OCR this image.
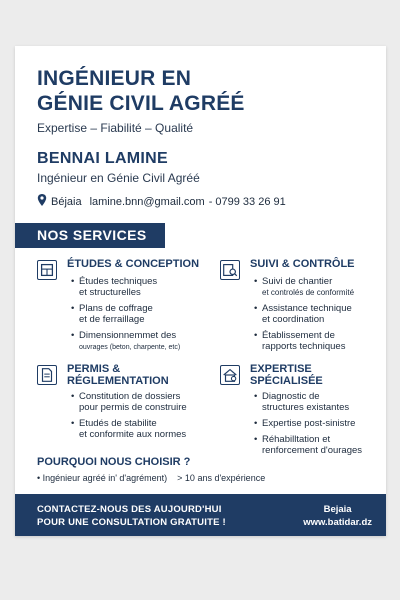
INGÉNIEUR EN
GÉNIE CIVIL AGRÉÉ
Expertise – Fiabilité – Qualité
BENNAI LAMINE
Ingénieur en Génie Civil Agréé
Béjaia lamine.bnn@gmail.com - 0799 33 26 91
NOS SERVICES
ÉTUDES & CONCEPTION
• Études techniques
et structurelles
• Plans de coffrage
et de ferraillage
• Dimensionnemmet des
ouvrages (beton, charpente, etc)
SUIVI & CONTRÔLE
• Suivi de chantier
et controlés de conformité
• Assistance technique
et coordination
• Établissement de
rapports techniques
PERMIS &
RÉGLEMENTATION
• Constitution de dossiers
pour permis de construire
• Etudés de stabilite
et conformite aux normes
EXPERTISE
SPÉCIALISÉE
• Diagnostic de
structures existantes
• Expertise post-sinistre
• Réhabilltation et
renforcement d'ourages
POURQUOI NOUS CHOISIR ?
• Ingénieur agréé in' d'agrément) > 10 ans d'expérience
CONTACTEZ-NOUS DES AUJOURD'HUI
POUR UNE CONSULTATION GRATUITE !
Bejaia
www.batidar.dz
